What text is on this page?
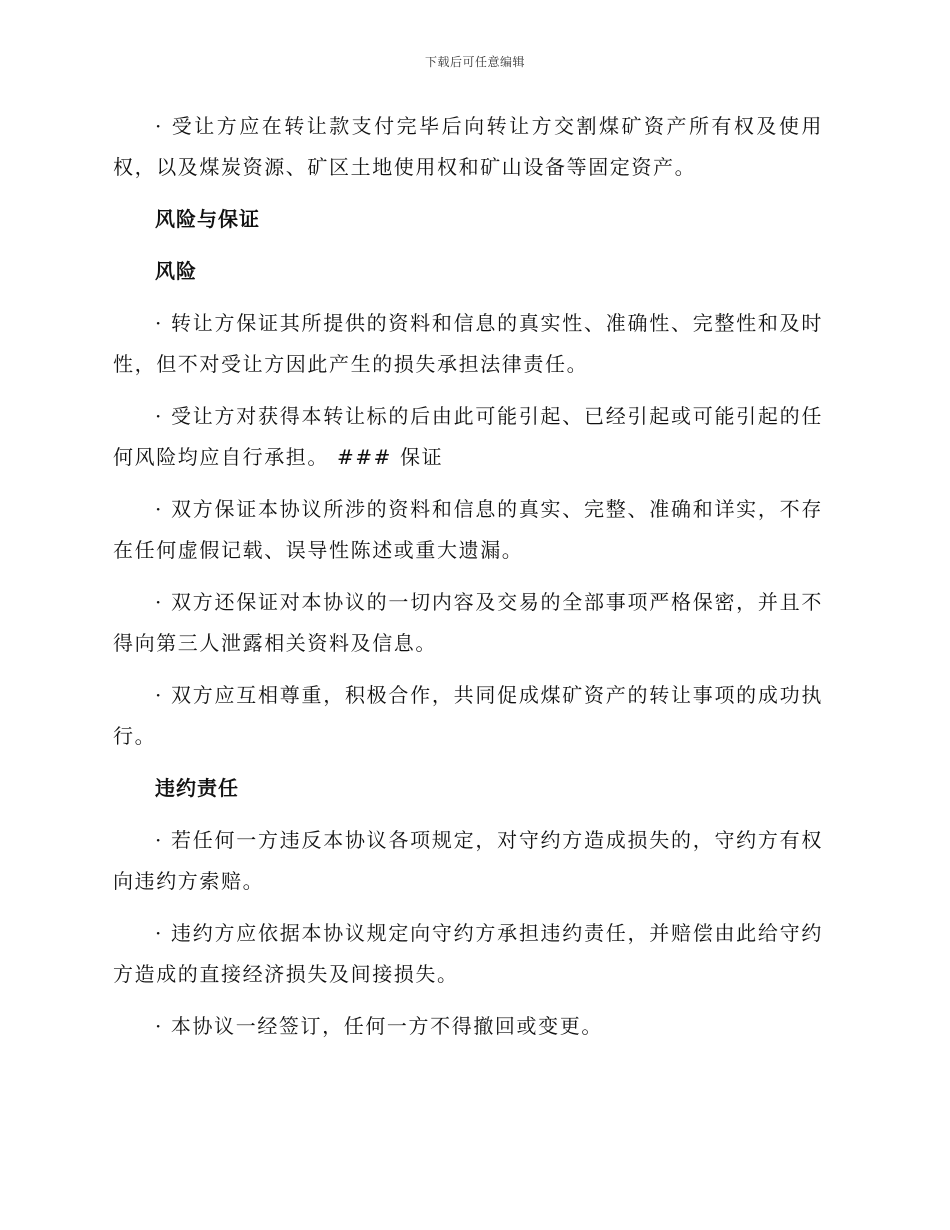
下载后可任意编辑

· 受让方应在转让款支付完毕后向转让方交割煤矿资产所有权及使用权，以及煤炭资源、矿区土地使用权和矿山设备等固定资产。

风险与保证
风险

· 转让方保证其所提供的资料和信息的真实性、准确性、完整性和及时性，但不对受让方因此产生的损失承担法律责任。

· 受让方对获得本转让标的后由此可能引起、已经引起或可能引起的任何风险均应自行承担。 ### 保证

· 双方保证本协议所涉的资料和信息的真实、完整、准确和详实，不存在任何虚假记载、误导性陈述或重大遗漏。

· 双方还保证对本协议的一切内容及交易的全部事项严格保密，并且不得向第三人泄露相关资料及信息。

· 双方应互相尊重，积极合作，共同促成煤矿资产的转让事项的成功执行。

违约责任

· 若任何一方违反本协议各项规定，对守约方造成损失的，守约方有权向违约方索赔。

· 违约方应依据本协议规定向守约方承担违约责任，并赔偿由此给守约方造成的直接经济损失及间接损失。

· 本协议一经签订，任何一方不得撤回或变更。
